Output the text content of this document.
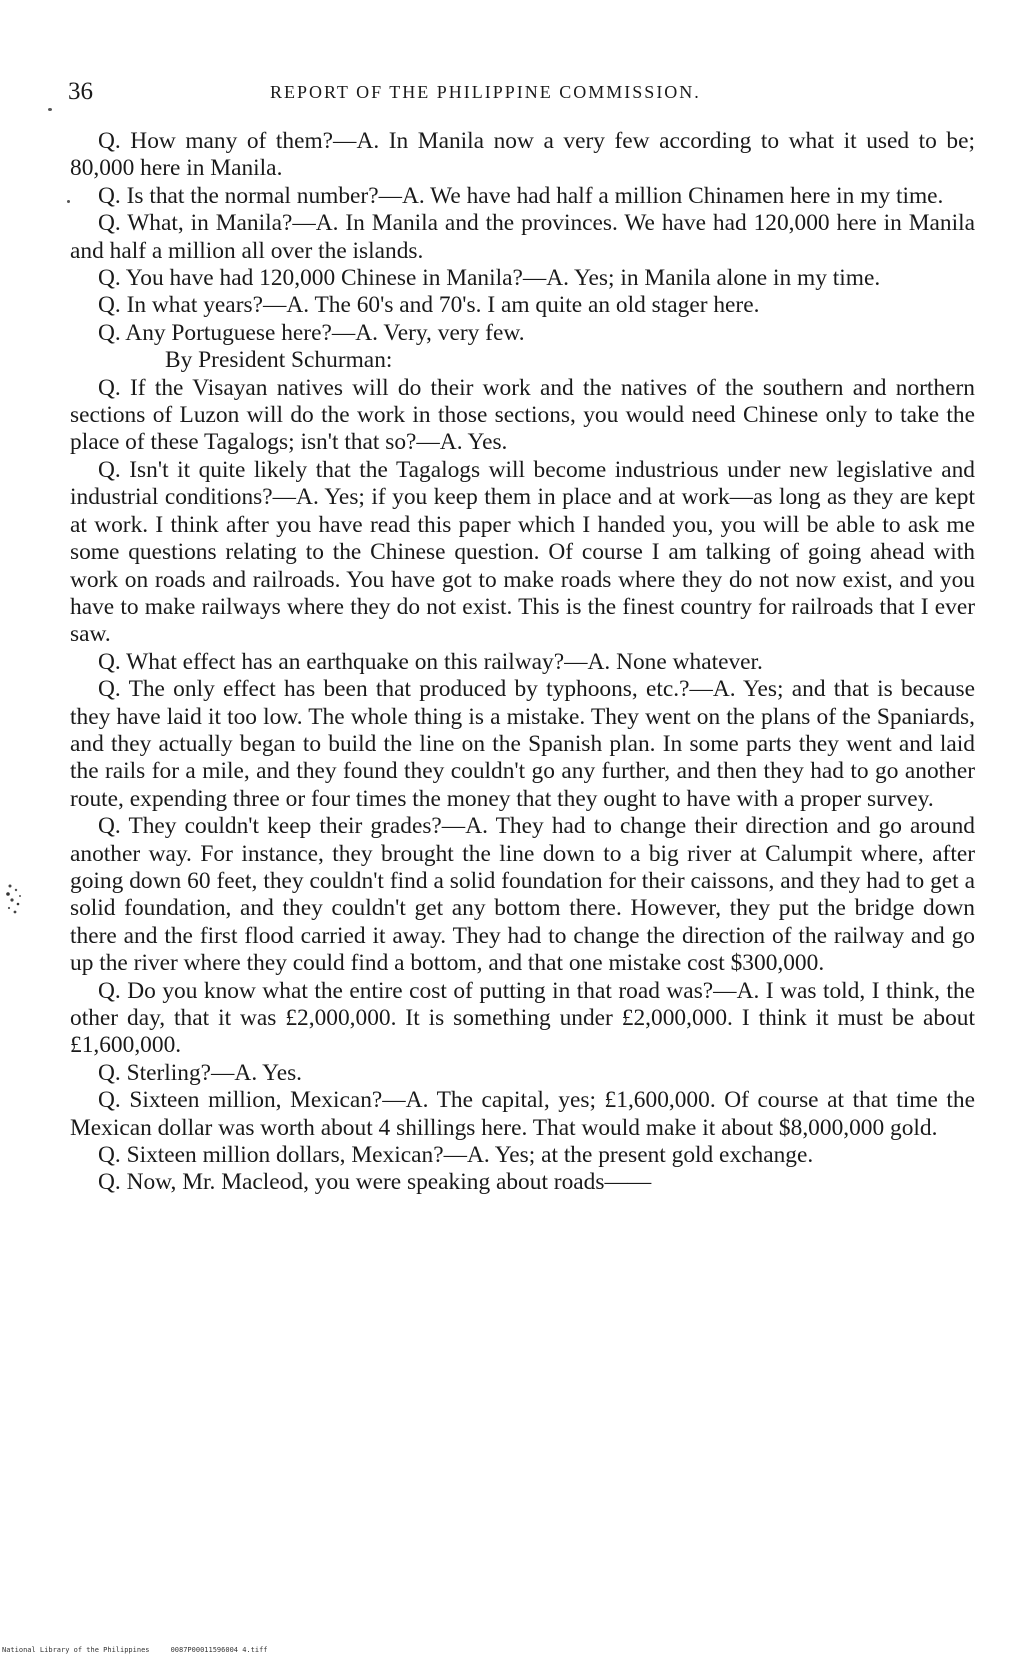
36	REPORT OF THE PHILIPPINE COMMISSION.

Q. How many of them?—A. In Manila now a very few according to what it used to be; 80,000 here in Manila.

Q. Is that the normal number?—A. We have had half a million Chinamen here in my time.

Q. What, in Manila?—A. In Manila and the provinces. We have had 120,000 here in Manila and half a million all over the islands.

Q. You have had 120,000 Chinese in Manila?—A. Yes; in Manila alone in my time.

Q. In what years?—A. The 60's and 70's. I am quite an old stager here.

Q. Any Portuguese here?—A. Very, very few.

By President Schurman:

Q. If the Visayan natives will do their work and the natives of the southern and northern sections of Luzon will do the work in those sections, you would need Chinese only to take the place of these Tagalogs; isn't that so?—A. Yes.

Q. Isn't it quite likely that the Tagalogs will become industrious under new legislative and industrial conditions?—A. Yes; if you keep them in place and at work—as long as they are kept at work. I think after you have read this paper which I handed you, you will be able to ask me some questions relating to the Chinese question. Of course I am talking of going ahead with work on roads and railroads. You have got to make roads where they do not now exist, and you have to make railways where they do not exist. This is the finest country for railroads that I ever saw.

Q. What effect has an earthquake on this railway?—A. None whatever.

Q. The only effect has been that produced by typhoons, etc.?—A. Yes; and that is because they have laid it too low. The whole thing is a mistake. They went on the plans of the Spaniards, and they actually began to build the line on the Spanish plan. In some parts they went and laid the rails for a mile, and they found they couldn't go any further, and then they had to go another route, expending three or four times the money that they ought to have with a proper survey.

Q. They couldn't keep their grades?—A. They had to change their direction and go around another way. For instance, they brought the line down to a big river at Calumpit where, after going down 60 feet, they couldn't find a solid foundation for their caissons, and they had to get a solid foundation, and they couldn't get any bottom there. However, they put the bridge down there and the first flood carried it away. They had to change the direction of the railway and go up the river where they could find a bottom, and that one mistake cost $300,000.

Q. Do you know what the entire cost of putting in that road was?—A. I was told, I think, the other day, that it was £2,000,000. It is something under £2,000,000. I think it must be about £1,600,000.

Q. Sterling?—A. Yes.

Q. Sixteen million, Mexican?—A. The capital, yes; £1,600,000. Of course at that time the Mexican dollar was worth about 4 shillings here. That would make it about $8,000,000 gold.

Q. Sixteen million dollars, Mexican?—A. Yes; at the present gold exchange.

Q. Now, Mr. Macleod, you were speaking about roads——

National Library of the Philippines     0087P00011596004 4.tiff
